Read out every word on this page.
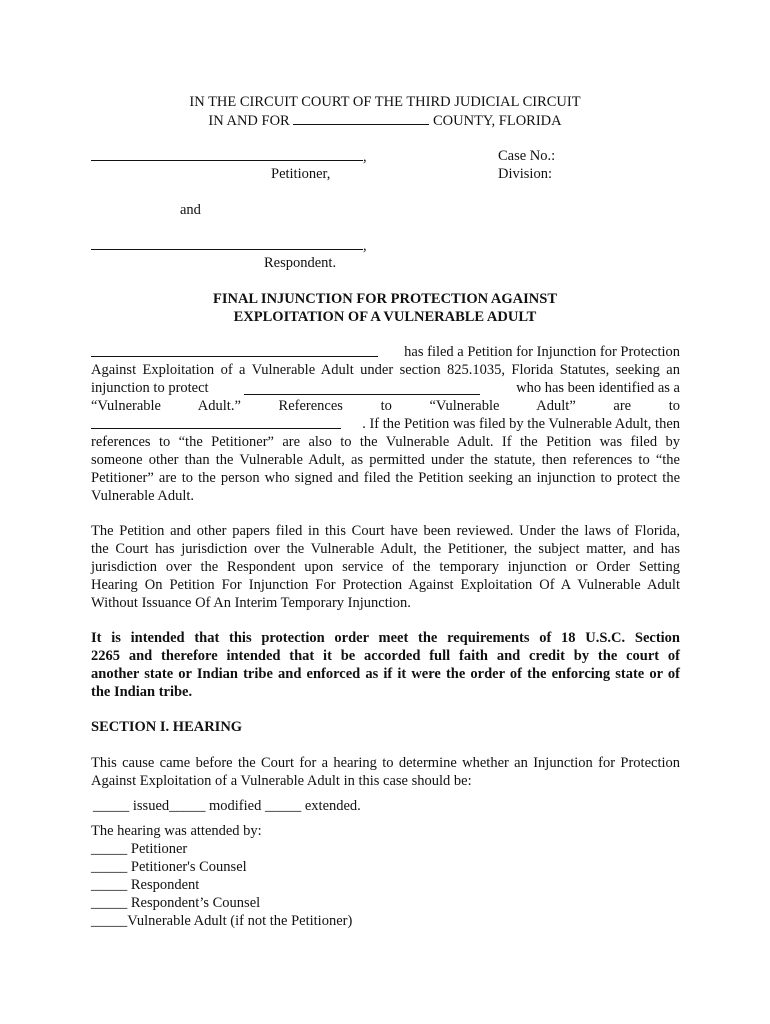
IN THE CIRCUIT COURT OF THE THIRD JUDICIAL CIRCUIT
IN AND FOR	COUNTY, FLORIDA
,
Petitioner,
Case No.:
Division:
and
,
Respondent.
FINAL INJUNCTION FOR PROTECTION AGAINST
EXPLOITATION OF A VULNERABLE ADULT
has filed a Petition for Injunction for Protection
Against Exploitation of a Vulnerable Adult under section 825.1035, Florida Statutes, seeking an
injunction to protect	who has been identified as a
“Vulnerable Adult.” References to “Vulnerable Adult” are to
. If the Petition was filed by the Vulnerable Adult, then
references to “the Petitioner” are also to the Vulnerable Adult. If the Petition was filed by
someone other than the Vulnerable Adult, as permitted under the statute, then references to “the
Petitioner” are to the person who signed and filed the Petition seeking an injunction to protect the
Vulnerable Adult.
The Petition and other papers filed in this Court have been reviewed. Under the laws of Florida,
the Court has jurisdiction over the Vulnerable Adult, the Petitioner, the subject matter, and has
jurisdiction over the Respondent upon service of the temporary injunction or Order Setting
Hearing On Petition For Injunction For Protection Against Exploitation Of A Vulnerable Adult
Without Issuance Of An Interim Temporary Injunction.
It is intended that this protection order meet the requirements of 18 U.S.C. Section
2265 and therefore intended that it be accorded full faith and credit by the court of
another state or Indian tribe and enforced as if it were the order of the enforcing state or of
the Indian tribe.
SECTION I. HEARING
This cause came before the Court for a hearing to determine whether an Injunction for Protection
Against Exploitation of a Vulnerable Adult in this case should be:
_____ issued_____ modified _____ extended.
The hearing was attended by:
_____ Petitioner
_____ Petitioner's Counsel
_____ Respondent
_____ Respondent’s Counsel
_____Vulnerable Adult (if not the Petitioner)
